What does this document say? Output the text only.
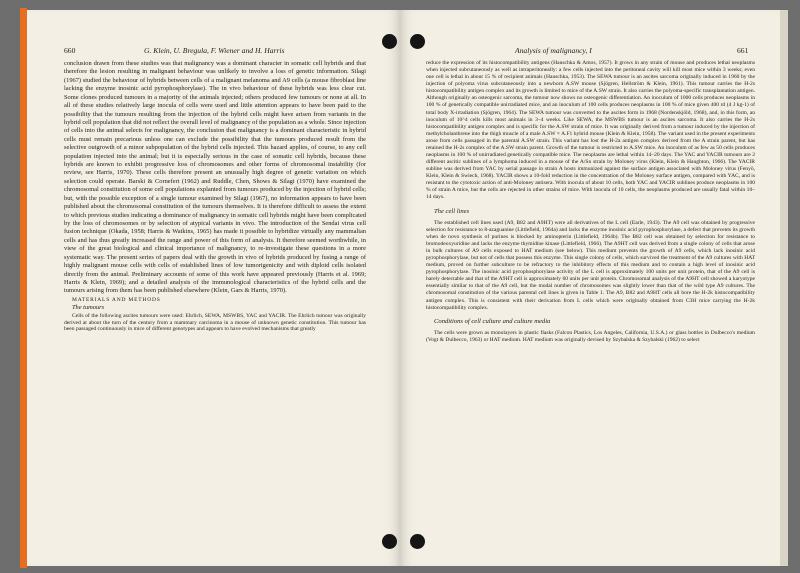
660	G. Klein, U. Bregula, F. Wiener and H. Harris

conclusion drawn from these studies was that malignancy was a dominant character in somatic cell hybrids and that therefore the lesion resulting in malignant behaviour was unlikely to involve a loss of genetic information. Silagi (1967) studied the behaviour of hybrids between cells of a malignant melanoma and A9 cells (a mouse fibroblast line lacking the enzyme inosinic acid pyrophosphorylase). The in vivo behaviour of these hybrids was less clear cut. Some clones produced tumours in a majority of the animals injected; others produced few tumours or none at all. In all of these studies relatively large inocula of cells were used and little attention appears to have been paid to the possibility that the tumours resulting from the injection of the hybrid cells might have arisen from variants in the hybrid cell population that did not reflect the overall level of malignancy of the population as a whole. Since injection of cells into the animal selects for malignancy, the conclusion that malignancy is a dominant characteristic in hybrid cells must remain precarious unless one can exclude the possibility that the tumours produced result from the selective outgrowth of a minor subpopulation of the hybrid cells injected. This hazard applies, of course, to any cell population injected into the animal; but it is especially serious in the case of somatic cell hybrids, because these hybrids are known to exhibit progressive loss of chromosomes and other forms of chromosomal instability (for review, see Harris, 1970). These cells therefore present an unusually high degree of genetic variation on which selection could operate. Barski & Cornefert (1962) and Ruddle, Chen, Shows & Silagi (1970) have examined the chromosomal constitution of some cell populations explanted from tumours produced by the injection of hybrid cells; but, with the possible exception of a single tumour examined by Silagi (1967), no information appears to have been published about the chromosomal constitution of the tumours themselves. It is therefore difficult to assess the extent to which previous studies indicating a dominance of malignancy in somatic cell hybrids might have been complicated by the loss of chromosomes or by selection of atypical variants in vivo. The introduction of the Sendai virus cell fusion technique (Okada, 1958; Harris & Watkins, 1965) has made it possible to hybridize virtually any mammalian cells and has thus greatly increased the range and power of this form of analysis. It therefore seemed worthwhile, in view of the great biological and clinical importance of malignancy, to re-investigate these questions in a more systematic way. The present series of papers deal with the growth in vivo of hybrids produced by fusing a range of highly malignant mouse cells with cells of established lines of low tumorigenicity and with diploid cells isolated directly from the animal. Preliminary accounts of some of this work have appeared previously (Harris et al. 1969; Harris & Klein, 1969); and a detailed analysis of the immunological characteristics of the hybrid cells and the tumours arising from them has been published elsewhere (Klein, Gars & Harris, 1970).

MATERIALS AND METHODS

The tumours

Cells of the following ascites tumours were used: Ehrlich, SEWA, MSWBS, YAC and YACIR. The Ehrlich tumour was originally derived at about the turn of the century from a mammary carcinoma in a mouse of unknown genetic constitution. This tumour has been passaged continuously in mice of different genotypes and appears to have evolved mechanisms that greatly

Analysis of malignancy, I	661

reduce the expression of its histocompatibility antigens (Hauschka & Amos, 1957). It grows in any strain of mouse and produces lethal neoplasms when injected subcutaneously as well as intraperitoneally: a few cells injected into the peritoneal cavity will kill most mice within 3 weeks; even one cell is lethal in about 15 % of recipient animals (Hauschka, 1953). The SEWA tumour is an ascites sarcoma originally induced in 1960 by the injection of polyoma virus subcutaneously into a newborn A.SW mouse (Sjögren, Hellström & Klein, 1961). This tumour carries the H-2s histocompatibility antigen complex and its growth is limited to mice of the A.SW strain. It also carries the polyoma-specific transplantation antigen. Although originally an osteogenic sarcoma, the tumour now shows no osteogenic differentiation. An inoculum of 1000 cells produces neoplasms in 100 % of genetically compatible unirradiated mice, and an inoculum of 100 cells produces neoplasms in 100 % of mice given 400 rd (4 J kg-1) of total body X-irradiation (Sjögren, 1964). The SEWA tumour was converted to the ascites form in 1968 (Nordenskjöld, 1968), and, in this form, an inoculum of 10^4 cells kills most animals in 3–4 weeks. Like SEWA, the MSWBS tumour is an ascites sarcoma. It also carries the H-2s histocompatibility antigen complex and is specific for the A.SW strain of mice. It was originally derived from a tumour induced by the injection of methylcholanthrene into the thigh muscle of a male A.SW × A.F1 hybrid mouse (Klein & Klein, 1958). The variant used in the present experiments arose from cells passaged in the parental A.SW strain. This variant has lost the H-2a antigen complex derived from the A strain parent, but has retained the H-2s complex of the A.SW strain parent. Growth of the tumour is restricted to A.SW mice. An inoculum of as few as 50 cells produces neoplasms in 100 % of unirradiated genetically compatible mice. The neoplasms are lethal within 14–20 days. The YAC and YACIR tumours are 2 different ascitic sublines of a lymphoma induced in a mouse of the A/Sn strain by Moloney virus (Klein, Klein & Haughton, 1966). The YACIR subline was derived from YAC by serial passage in strain A hosts immunized against the surface antigen associated with Moloney virus (Fenyö, Klein, Klein & Swiech, 1968). YACIR shows a 10-fold reduction in the concentration of the Moloney surface antigen, compared with YAC, and is resistant to the cytotoxic action of anti-Moloney antisera. With inocula of about 10 cells, both YAC and YACIR sublines produce neoplasms in 100 % of strain A mice, but the cells are rejected in other strains of mice. With inocula of 10 cells, the neoplasms produced are usually fatal within 10–14 days.

The cell lines

The established cell lines used (A9, B82 and A9HT) were all derivatives of the L cell (Earle, 1943). The A9 cell was obtained by progressive selection for resistance to 8-azaguanine (Littlefield, 1964a) and lacks the enzyme inosinic acid pyrophosphorylase, a defect that prevents its growth when de novo synthesis of purines is blocked by aminopterin (Littlefield, 1964b). The B82 cell was obtained by selection for resistance to bromodeoxyuridine and lacks the enzyme thymidine kinase (Littlefield, 1966). The A9HT cell was derived from a single colony of cells that arose in bulk cultures of A9 cells exposed to HAT medium (see below). This medium prevents the growth of A9 cells, which lack inosinic acid pyrophosphorylase, but not of cells that possess this enzyme. This single colony of cells, which survived the treatment of the A9 cultures with HAT medium, proved on further subculture to be refractory to the inhibitory effects of this medium and to contain a high level of inosinic acid pyrophosphorylase. The inosinic acid pyrophosphorylase activity of the L cell is approximately 100 units per unit protein, that of the A9 cell is barely detectable and that of the A9HT cell is approximately 60 units per unit protein. Chromosomal analysis of the A9HT cell showed a karyotype essentially similar to that of the A9 cell, but the modal number of chromosomes was slightly lower than that of the wild type A9 cultures. The chromosomal constitution of the various parental cell lines is given in Table 1. The A9, B82 and A9HT cells all bore the H-2k histocompatibility antigen complex. This is consistent with their derivation from L cells which were originally obtained from C3H mice carrying the H-2k histocompatibility complex.

Conditions of cell culture and culture media

The cells were grown as monolayers in plastic flasks (Falcon Plastics, Los Angeles, California, U.S.A.) or glass bottles in Dulbecco's medium (Vogt & Dulbecco, 1963) or HAT medium. HAT medium was originally devised by Szybalska & Szybalski (1962) to select
